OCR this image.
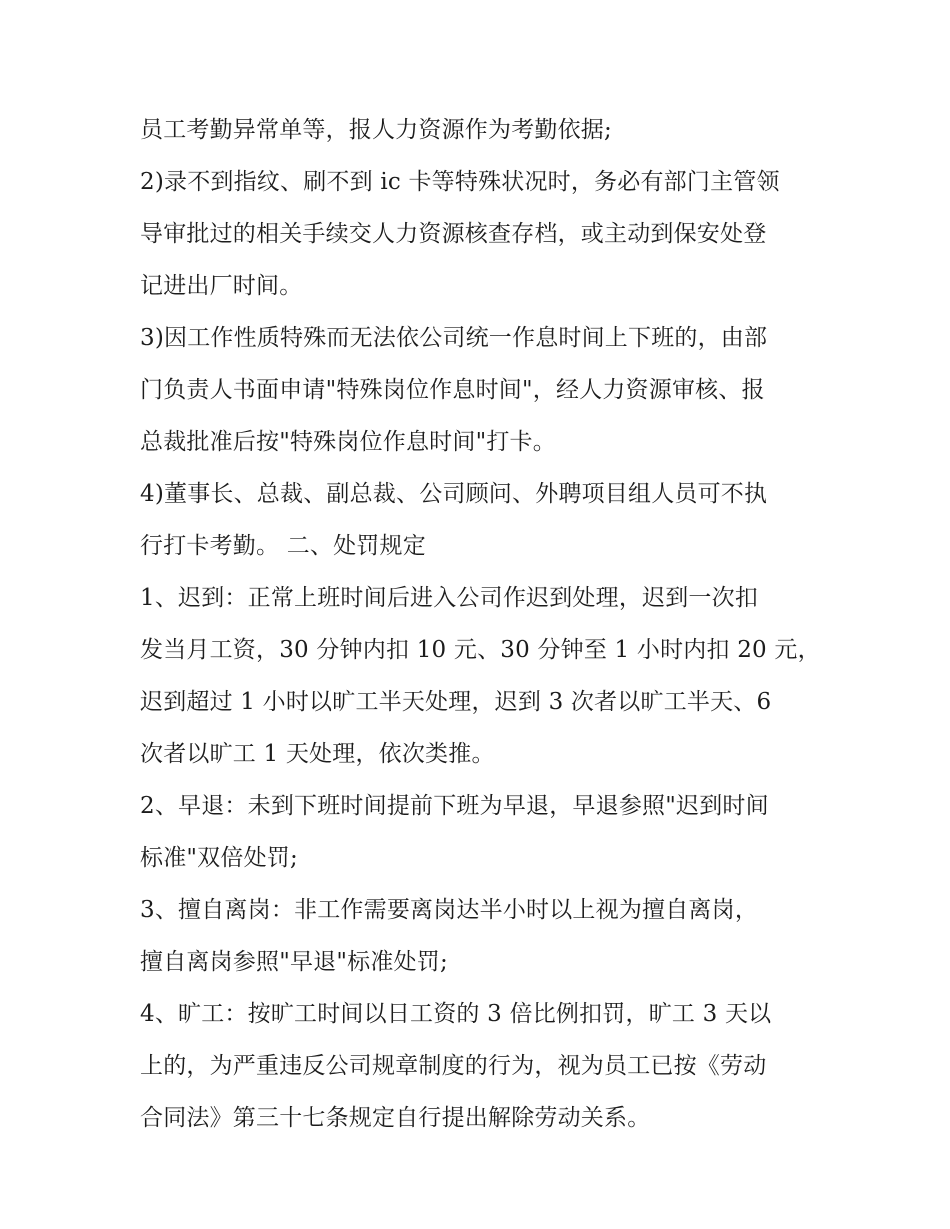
员工考勤异常单等，报人力资源作为考勤依据;
2)录不到指纹、刷不到 ic 卡等特殊状况时，务必有部门主管领
导审批过的相关手续交人力资源核查存档，或主动到保安处登
记进出厂时间。
3)因工作性质特殊而无法依公司统一作息时间上下班的，由部
门负责人书面申请"特殊岗位作息时间"，经人力资源审核、报
总裁批准后按"特殊岗位作息时间"打卡。
4)董事长、总裁、副总裁、公司顾问、外聘项目组人员可不执
行打卡考勤。 二、处罚规定
1、迟到：正常上班时间后进入公司作迟到处理，迟到一次扣
发当月工资，30 分钟内扣 10 元、30 分钟至 1 小时内扣 20 元，
迟到超过 1 小时以旷工半天处理，迟到 3 次者以旷工半天、6
次者以旷工 1 天处理，依次类推。
2、早退：未到下班时间提前下班为早退，早退参照"迟到时间
标准"双倍处罚;
3、擅自离岗：非工作需要离岗达半小时以上视为擅自离岗，
擅自离岗参照"早退"标准处罚;
4、旷工：按旷工时间以日工资的 3 倍比例扣罚，旷工 3 天以
上的，为严重违反公司规章制度的行为，视为员工已按《劳动
合同法》第三十七条规定自行提出解除劳动关系。
